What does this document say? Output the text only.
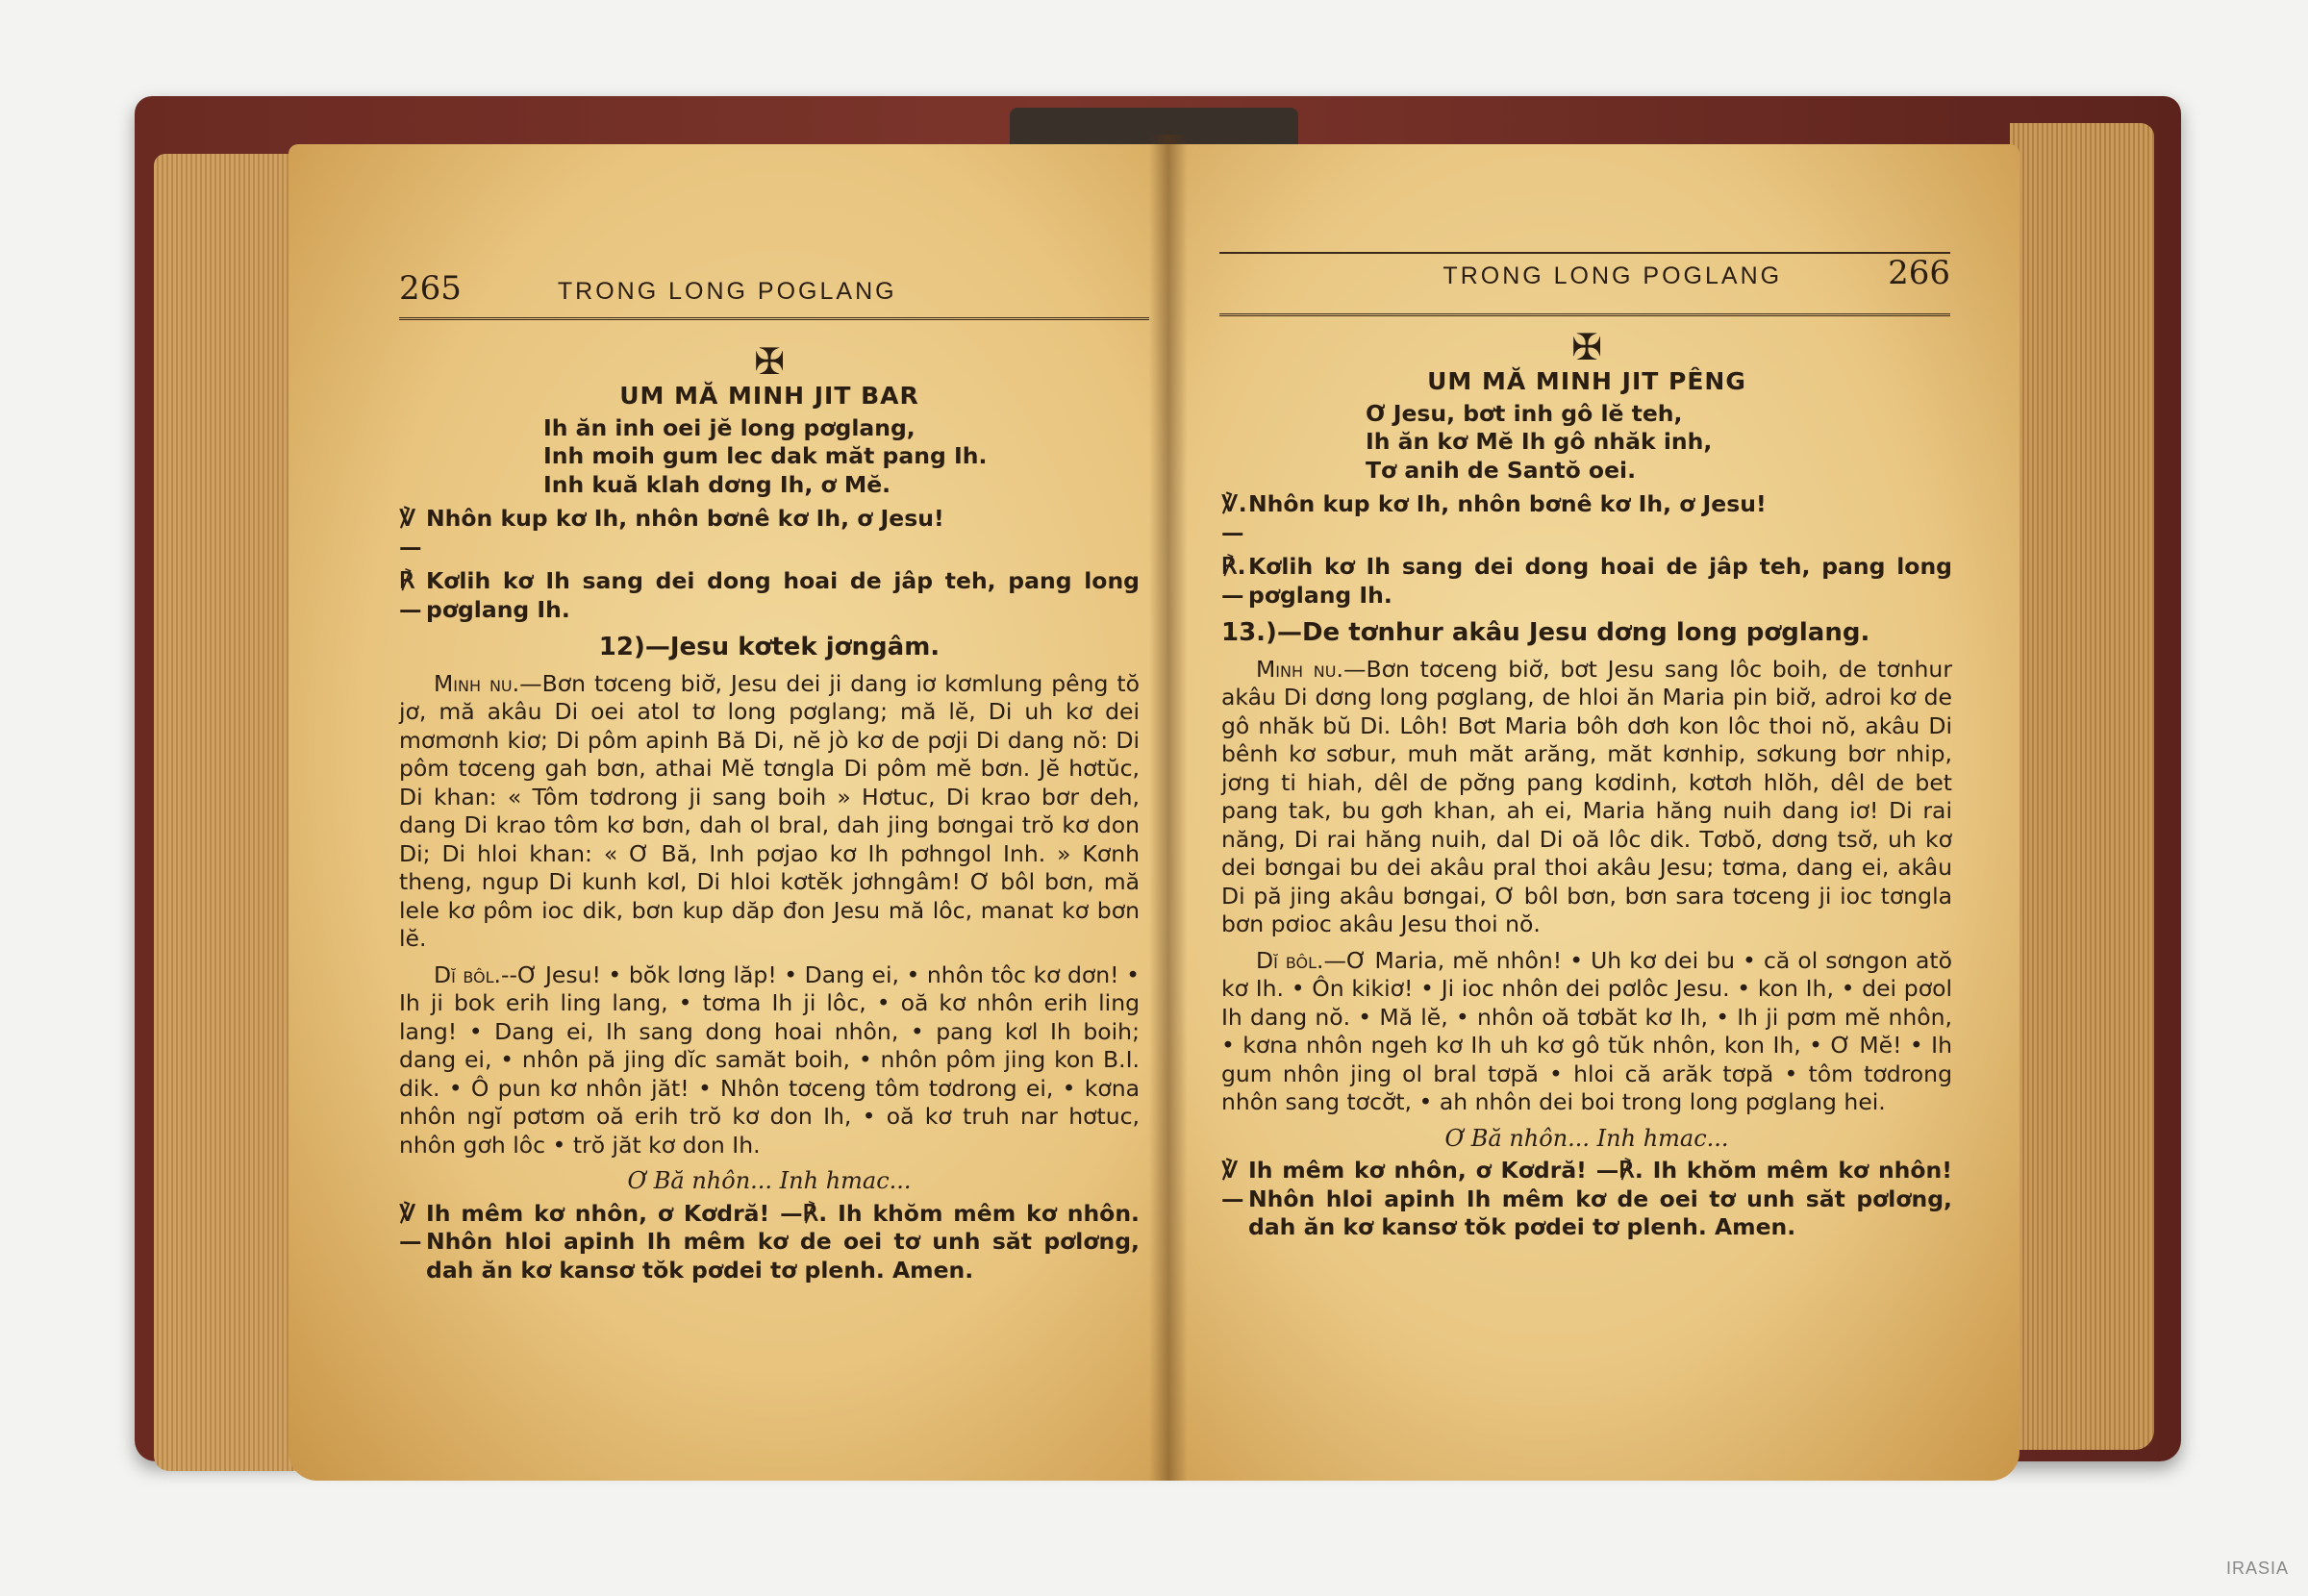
265	TRONG LONG POGLANG
✠
UM MĂ MINH JIT BAR
Ih ăn inh oei jĕ long pơglang,
Inh moih gum lec dak măt pang Ih.
Inh kuă klah dơng Ih, ơ Mĕ.
℣—
Nhôn kup kơ Ih, nhôn bơnê kơ Ih, ơ Jesu!
℟—
Kơlih kơ Ih sang dei dong hoai de jâp teh, pang long pơglang Ih.
12)—Jesu kơtek jơngâm.

Minh nu.—Bơn tơceng biơ̆, Jesu dei ji dang iơ kơmlung pêng tŏ jơ, mă akâu Di oei atol tơ long pơglang; mă lĕ, Di uh kơ dei mơmơnh kiơ; Di pôm apinh Bă Di, nĕ jò kơ de pơji Di dang nŏ: Di pôm tơceng gah bơn, athai Mĕ tơngla Di pôm mĕ bơn. Jĕ hơtŭc, Di khan: « Tôm tơdrong ji sang boih » Hơtuc, Di krao bơr deh, dang Di krao tôm kơ bơn, dah ol bral, dah jing bơngai trŏ kơ don Di; Di hloi khan: « Ơ Bă, Inh pơjao kơ Ih pơhngol Inh. » Kơnh theng, ngup Di kunh kơl, Di hloi kơtĕk jơhngâm! Ơ bôl bơn, mă lele kơ pôm ioc dik, bơn kup dăp đon Jesu mă lôc, manat kơ bơn lĕ.

Dĭ bôl.--Ơ Jesu! • bŏk lơng lăp! • Dang ei, • nhôn tôc kơ dơn! • Ih ji bok erih ling lang, • tơma Ih ji lôc, • oă kơ nhôn erih ling lang! • Dang ei, Ih sang dong hoai nhôn, • pang kơl Ih boih; dang ei, • nhôn pă jing dĭc samăt boih, • nhôn pôm jing kon B.I. dik. • Ô pun kơ nhôn jăt! • Nhôn tơceng tôm tơdrong ei, • kơna nhôn ngĭ pơtơm oă erih trŏ kơ don Ih, • oă kơ truh nar hơtuc, nhôn gơh lôc • trŏ jăt kơ don Ih.

Ơ Bă nhôn... Inh hmac...
℣—
Ih mêm kơ nhôn, ơ Kơdră! —℟. Ih khŏm mêm kơ nhôn. Nhôn hloi apinh Ih mêm kơ de oei tơ unh săt pơlơng, dah ăn kơ kansơ tŏk pơdei tơ plenh. Amen.
TRONG LONG POGLANG	266
✠
UM MĂ MINH JIT PÊNG
Ơ Jesu, bơt inh gô lĕ teh,
Ih ăn kơ Mĕ Ih gô nhăk inh,
Tơ anih de Santŏ oei.
℣.—
Nhôn kup kơ Ih, nhôn bơnê kơ Ih, ơ Jesu!
℟.—
Kơlih kơ Ih sang dei dong hoai de jâp teh, pang long pơglang Ih.
13.)—De tơnhur akâu Jesu dơng long pơglang.

Minh nu.—Bơn tơceng biơ̆, bơt Jesu sang lôc boih, de tơnhur akâu Di dơng long pơglang, de hloi ăn Maria pin biơ̆, adroi kơ de gô nhăk bŭ Di. Lôh! Bơt Maria bôh dơh kon lôc thoi nŏ, akâu Di bênh kơ sơbur, muh măt arăng, măt kơnhip, sơkung bơr nhip, jơng ti hiah, dêl de pơ̆ng pang kơdinh, kơtơh hlŏh, dêl de bet pang tak, bu gơh khan, ah ei, Maria hăng nuih dang iơ! Di rai năng, Di rai hăng nuih, dal Di oă lôc dik. Tơbŏ, dơng tsơ̆, uh kơ dei bơngai bu dei akâu pral thoi akâu Jesu; tơma, dang ei, akâu Di pă jing akâu bơngai, Ơ bôl bơn, bơn sara tơceng ji ioc tơngla bơn pơioc akâu Jesu thoi nŏ.

Dĭ bôl.—Ơ Maria, mĕ nhôn! • Uh kơ dei bu • că ol sơngon atŏ kơ Ih. • Ôn kikiơ! • Ji ioc nhôn dei pơlôc Jesu. • kon Ih, • dei pơol Ih dang nŏ. • Mă lĕ, • nhôn oă tơbăt kơ Ih, • Ih ji pơm mĕ nhôn, • kơna nhôn ngeh kơ Ih uh kơ gô tŭk nhôn, kon Ih, • Ơ Mĕ! • Ih gum nhôn jing ol bral tơpă • hloi că arăk tơpă • tôm tơdrong nhôn sang tơcơ̆t, • ah nhôn dei boi trong long pơglang hei.

Ơ Bă nhôn... Inh hmac...
℣—
Ih mêm kơ nhôn, ơ Kơdră! —℟. Ih khŏm mêm kơ nhôn! Nhôn hloi apinh Ih mêm kơ de oei tơ unh săt pơlơng, dah ăn kơ kansơ tŏk pơdei tơ plenh. Amen.
IRASIA
